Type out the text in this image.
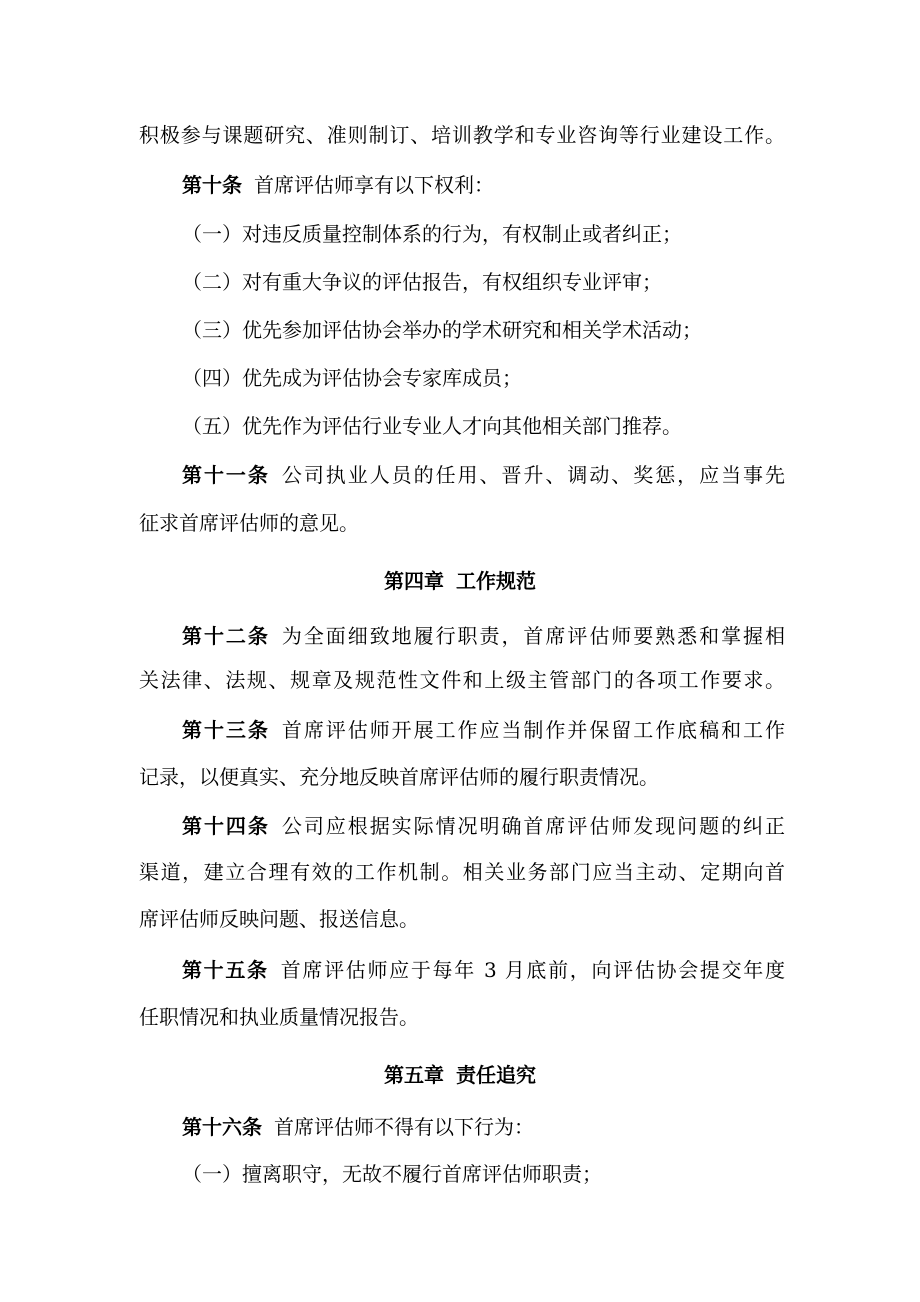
积极参与课题研究、准则制订、培训教学和专业咨询等行业建设工作。
第十条 首席评估师享有以下权利：
（一）对违反质量控制体系的行为，有权制止或者纠正；
（二）对有重大争议的评估报告，有权组织专业评审；
（三）优先参加评估协会举办的学术研究和相关学术活动；
（四）优先成为评估协会专家库成员；
（五）优先作为评估行业专业人才向其他相关部门推荐。
第十一条 公司执业人员的任用、晋升、调动、奖惩，应当事先
征求首席评估师的意见。
第四章 工作规范
第十二条 为全面细致地履行职责，首席评估师要熟悉和掌握相
关法律、法规、规章及规范性文件和上级主管部门的各项工作要求。
第十三条 首席评估师开展工作应当制作并保留工作底稿和工作
记录，以便真实、充分地反映首席评估师的履行职责情况。
第十四条 公司应根据实际情况明确首席评估师发现问题的纠正
渠道，建立合理有效的工作机制。相关业务部门应当主动、定期向首
席评估师反映问题、报送信息。
第十五条 首席评估师应于每年 3 月底前，向评估协会提交年度
任职情况和执业质量情况报告。
第五章 责任追究
第十六条 首席评估师不得有以下行为：
（一）擅离职守，无故不履行首席评估师职责；
